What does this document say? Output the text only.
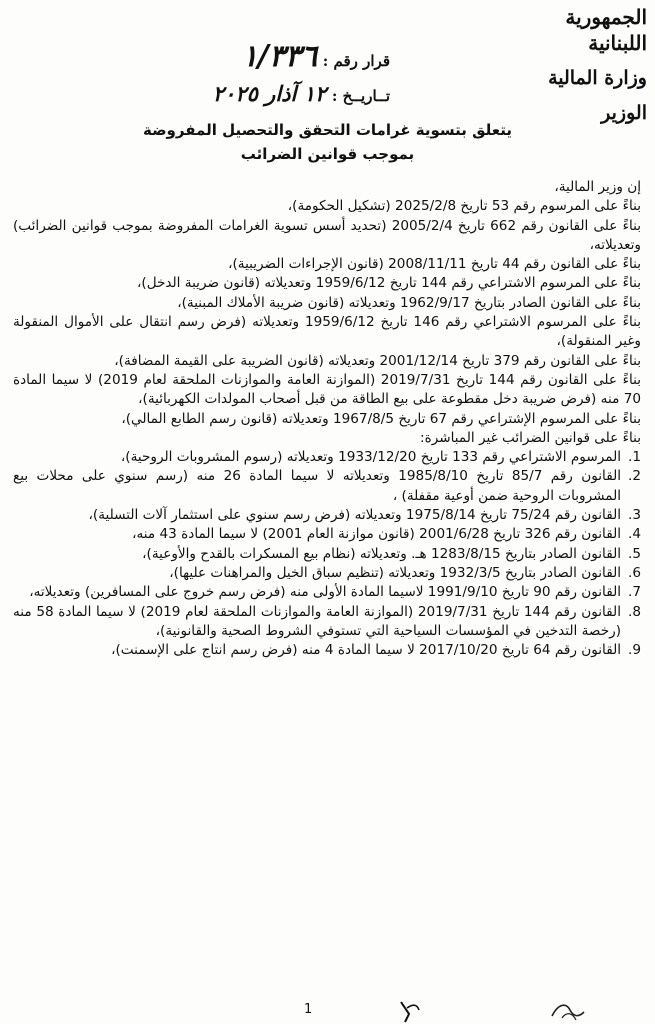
الجمهورية اللبنانية
وزارة المالية
الوزير
قرار رقم : ١/٣٣٦
تــاريــخ : ١٢ آذار ٢٠٢٥
يتعلق بتسوية غرامات التحقق والتحصيل المفروضة
بموجب قوانين الضرائب

إن وزير المالية،

بناءً على المرسوم رقم 53 تاريخ 2025/2/8 (تشكيل الحكومة)،

بناءً على القانون رقم 662 تاريخ 2005/2/4 (تحديد أسس تسوية الغرامات المفروضة بموجب قوانين الضرائب) وتعديلاته،

بناءً على القانون رقم 44 تاريخ 2008/11/11 (قانون الإجراءات الضريبية)،

بناءً على المرسوم الاشتراعي رقم 144 تاريخ 1959/6/12 وتعديلاته (قانون ضريبة الدخل)،

بناءً على القانون الصادر بتاريخ 1962/9/17 وتعديلاته (قانون ضريبة الأملاك المبنية)،

بناءً على المرسوم الاشتراعي رقم 146 تاريخ 1959/6/12 وتعديلاته (فرض رسم انتقال على الأموال المنقولة وغير المنقولة)،

بناءً على القانون رقم 379 تاريخ 2001/12/14 وتعديلاته (قانون الضريبة على القيمة المضافة)،

بناءً على القانون رقم 144 تاريخ 2019/7/31 (الموازنة العامة والموازنات الملحقة لعام 2019) لا سيما المادة 70 منه (فرض ضريبة دخل مقطوعة على بيع الطاقة من قبل أصحاب المولدات الكهربائية)،

بناءً على المرسوم الإشتراعي رقم 67 تاريخ 1967/8/5 وتعديلاته (قانون رسم الطابع المالي)،

بناءً على قوانين الضرائب غير المباشرة:

1.
المرسوم الاشتراعي رقم 133 تاريخ 1933/12/20 وتعديلاته (رسوم المشروبات الروحية)،
2.
القانون رقم 85/7 تاريخ 1985/8/10 وتعديلاته لا سيما المادة 26 منه (رسم سنوي على محلات بيع المشروبات الروحية ضمن أوعية مقفلة) ،
3.
القانون رقم 75/24 تاريخ 1975/8/14 وتعديلاته (فرض رسم سنوي على استثمار آلات التسلية)،
4.
القانون رقم 326 تاريخ 2001/6/28 (قانون موازنة العام 2001) لا سيما المادة 43 منه،
5.
القانون الصادر بتاريخ 1283/8/15 هـ. وتعديلاته (نظام بيع المسكرات بالقدح والأوعية)،
6.
القانون الصادر بتاريخ 1932/3/5 وتعديلاته (تنظيم سباق الخيل والمراهنات عليها)،
7.
القانون رقم 90 تاريخ 1991/9/10 لاسيما المادة الأولى منه (فرض رسم خروج على المسافرين) وتعديلاته،
8.
القانون رقم 144 تاريخ 2019/7/31 (الموازنة العامة والموازنات الملحقة لعام 2019) لا سيما المادة 58 منه (رخصة التدخين في المؤسسات السياحية التي تستوفي الشروط الصحية والقانونية)،
9.
القانون رقم 64 تاريخ 2017/10/20 لا سيما المادة 4 منه (فرض رسم انتاج على الإسمنت)،
1
